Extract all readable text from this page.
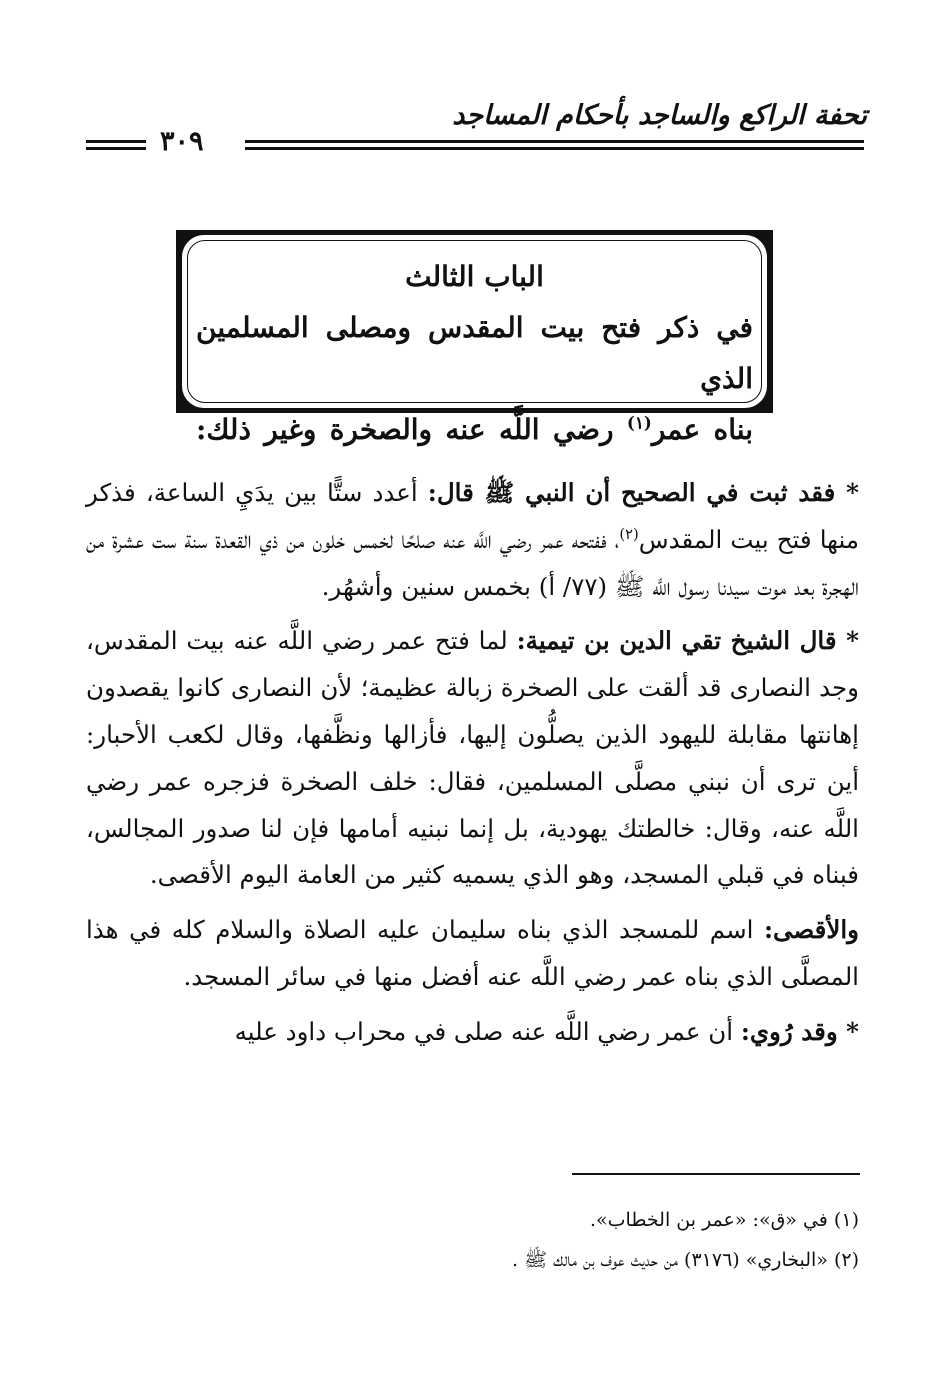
تحفة الراكع والساجد بأحكام المساجد
٣٠٩
الباب الثالث
في ذكر فتح بيت المقدس ومصلى المسلمين الذي
بناه عمر$^{(١)}$ رضي اللَّه عنه والصخرة وغير ذلك:

* فقد ثبت في الصحيح أن النبي ﷺ قال: أعدد ستًّا بين يدَيِ الساعة، فذكر منها فتح بيت المقدس$^{(٢)}$، ففتحه عمر رضي اللَّه عنه صلحًا لخمس خلون من ذي القعدة سنة ست عشرة من الهجرة بعد موت سيدنا رسول اللَّه ﷺ (٧٧/ أ) بخمس سنين وأشهُر.

* قال الشيخ تقي الدين بن تيمية: لما فتح عمر رضي اللَّه عنه بيت المقدس، وجد النصارى قد ألقت على الصخرة زبالة عظيمة؛ لأن النصارى كانوا يقصدون إهانتها مقابلة لليهود الذين يصلُّون إليها، فأزالها ونظَّفها، وقال لكعب الأحبار: أين ترى أن نبني مصلَّى المسلمين، فقال: خلف الصخرة فزجره عمر رضي اللَّه عنه، وقال: خالطتك يهودية، بل إنما نبنيه أمامها فإن لنا صدور المجالس، فبناه في قبلي المسجد، وهو الذي يسميه كثير من العامة اليوم الأقصى.

والأقصى: اسم للمسجد الذي بناه سليمان عليه الصلاة والسلام كله في هذا المصلَّى الذي بناه عمر رضي اللَّه عنه أفضل منها في سائر المسجد.

* وقد رُوي: أن عمر رضي اللَّه عنه صلى في محراب داود عليه

(١) في «ق»: «عمر بن الخطاب».
(٢) «البخاري» (٣١٧٦) من حديث عوف بن مالك ﷺ .
